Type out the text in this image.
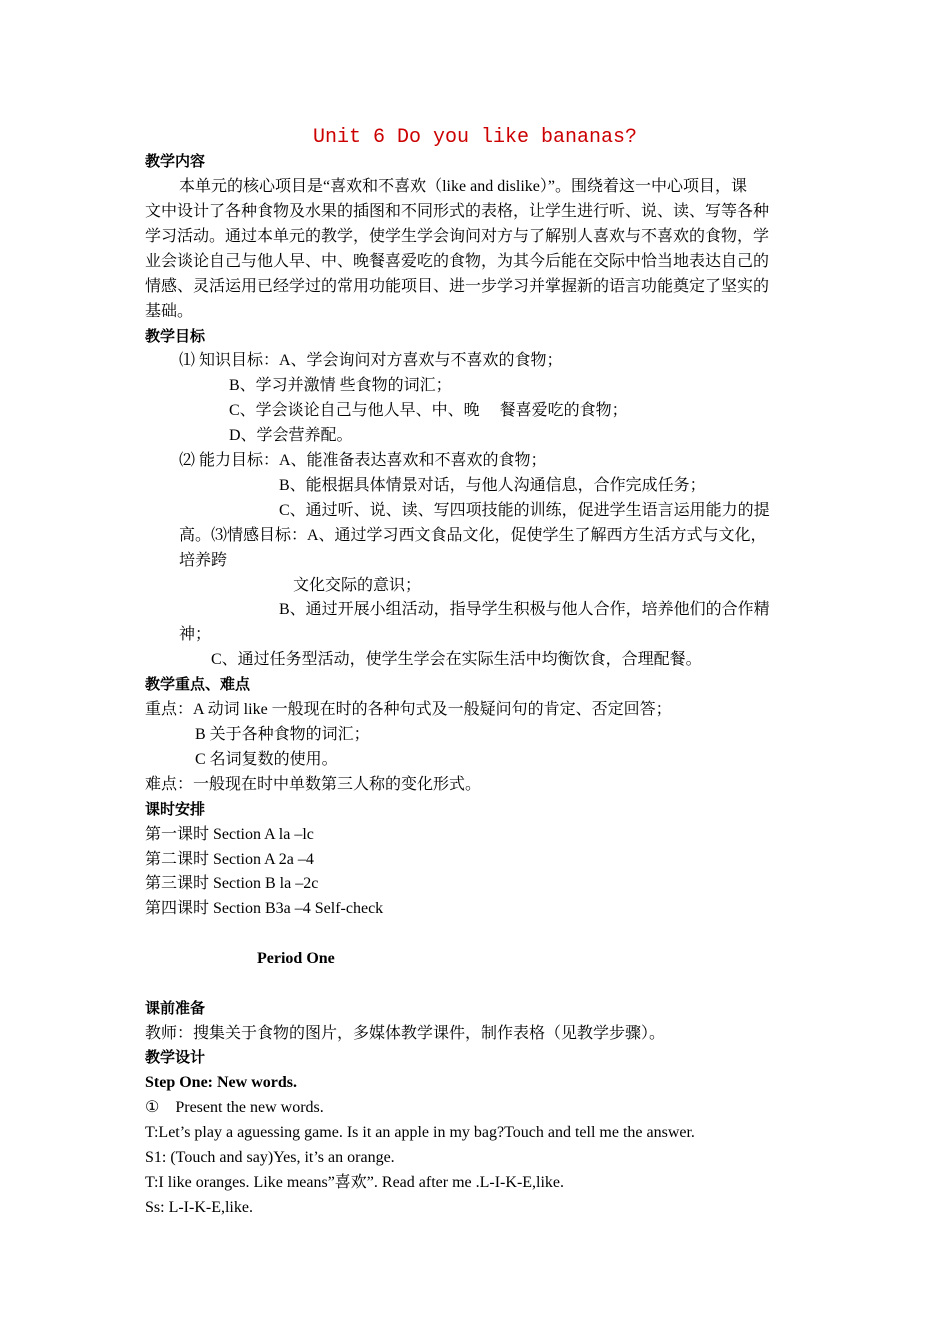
Unit 6 Do you like bananas?
教学内容
本单元的核心项目是“喜欢和不喜欢（like and dislike）”。围绕着这一中心项目，课
文中设计了各种食物及水果的插图和不同形式的表格，让学生进行听、说、读、写等各种
学习活动。通过本单元的教学，使学生学会询问对方与了解别人喜欢与不喜欢的食物，学
业会谈论自己与他人早、中、晚餐喜爱吃的食物，为其今后能在交际中恰当地表达自己的
情感、灵活运用已经学过的常用功能项目、进一步学习并掌握新的语言功能奠定了坚实的
基础。
教学目标
⑴ 知识目标：A、学会询问对方喜欢与不喜欢的食物；
B、学习并激情 些食物的词汇；
C、学会谈论自己与他人早、中、晚　 餐喜爱吃的食物；
D、学会营养配。
⑵ 能力目标：A、能准备表达喜欢和不喜欢的食物；
B、能根据具体情景对话，与他人沟通信息，合作完成任务；
C、通过听、说、读、写四项技能的训练，促进学生语言运用能力的提
高。⑶情感目标：A、通过学习西文食品文化，促使学生了解西方生活方式与文化，
培养跨
文化交际的意识；
B、通过开展小组活动，指导学生积极与他人合作，培养他们的合作精
神；
C、通过任务型活动，使学生学会在实际生活中均衡饮食，合理配餐。
教学重点、难点
重点：A 动词 like 一般现在时的各种句式及一般疑问句的肯定、否定回答；
B 关于各种食物的词汇；
C 名词复数的使用。
难点：一般现在时中单数第三人称的变化形式。
课时安排
第一课时 Section A la –lc
第二课时 Section A 2a –4
第三课时 Section B la –2c
第四课时 Section B3a –4 Self-check
Period One
课前准备
教师：搜集关于食物的图片，多媒体教学课件，制作表格（见教学步骤）。
教学设计
Step One: New words.
①　Present the new words.
T:Let’s play a aguessing game. Is it an apple in my bag?Touch and tell me the answer.
S1: (Touch and say)Yes, it’s an orange.
T:I like oranges. Like means”喜欢”. Read after me .L-I-K-E,like.
Ss: L-I-K-E,like.
